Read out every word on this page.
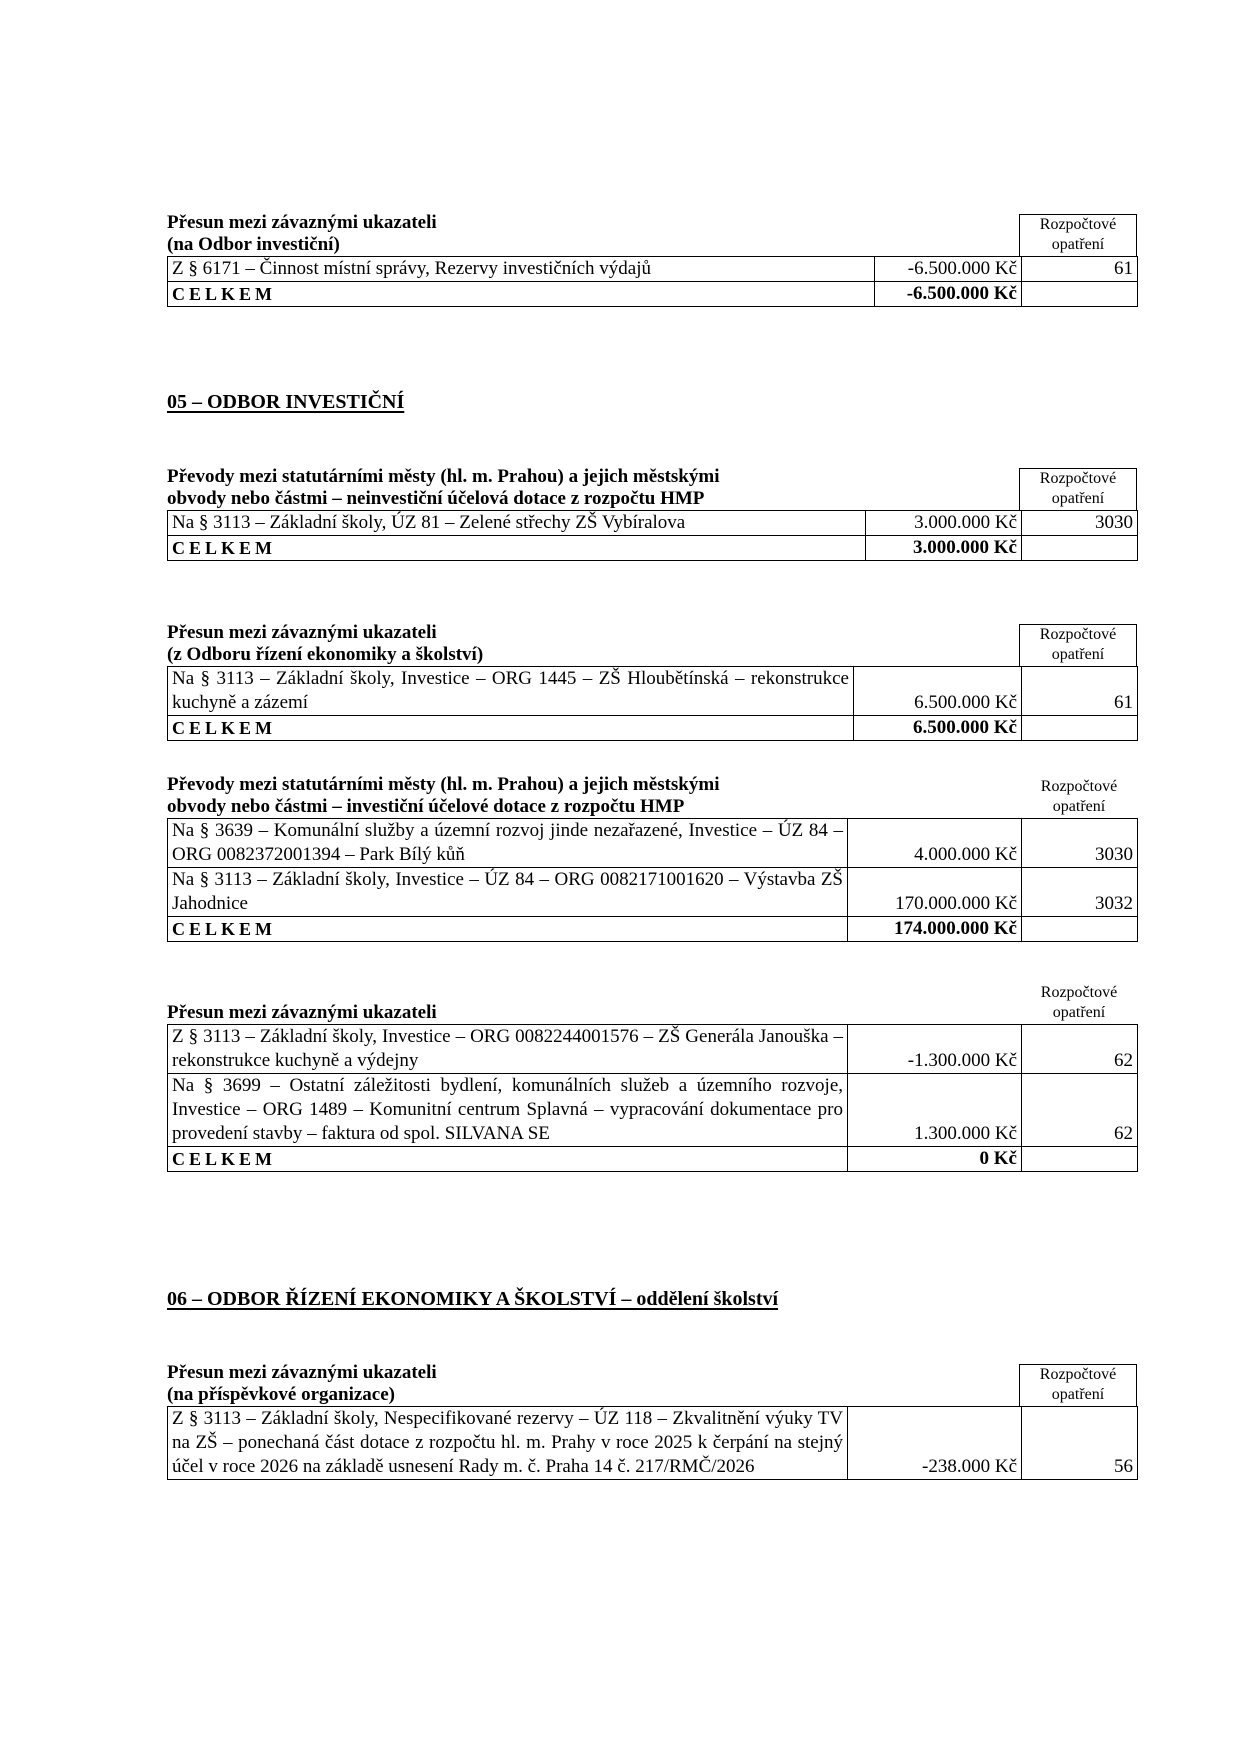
Přesun mezi závaznými ukazateli
(na Odbor investiční)
Rozpočtové opatření
Z § 6171 – Činnost místní správy, Rezervy investičních výdajů	-6.500.000 Kč	61
CELKEM	-6.500.000 Kč	
05 – ODBOR INVESTIČNÍ
Převody mezi statutárními městy (hl. m. Prahou) a jejich městskými
obvody nebo částmi – neinvestiční účelová dotace z rozpočtu HMP
Rozpočtové opatření
Na § 3113 – Základní školy, ÚZ 81 – Zelené střechy ZŠ Vybíralova	3.000.000 Kč	3030
CELKEM	3.000.000 Kč	
Přesun mezi závaznými ukazateli
(z Odboru řízení ekonomiky a školství)
Rozpočtové opatření
Na § 3113 – Základní školy, Investice – ORG 1445 – ZŠ Hloubětínská – rekonstrukce kuchyně a zázemí	6.500.000 Kč	61
CELKEM	6.500.000 Kč	
Převody mezi statutárními městy (hl. m. Prahou) a jejich městskými
obvody nebo částmi – investiční účelové dotace z rozpočtu HMP
Rozpočtové opatření
Na § 3639 – Komunální služby a územní rozvoj jinde nezařazené, Investice – ÚZ 84 – ORG 0082372001394 – Park Bílý kůň	4.000.000 Kč	3030
Na § 3113 – Základní školy, Investice – ÚZ 84 – ORG 0082171001620 – Výstavba ZŠ Jahodnice	170.000.000 Kč	3032
CELKEM	174.000.000 Kč	
Přesun mezi závaznými ukazateli
Rozpočtové opatření
Z § 3113 – Základní školy, Investice – ORG 0082244001576 – ZŠ Generála Janouška – rekonstrukce kuchyně a výdejny	-1.300.000 Kč	62
Na § 3699 – Ostatní záležitosti bydlení, komunálních služeb a územního rozvoje, Investice – ORG 1489 – Komunitní centrum Splavná – vypracování dokumentace pro provedení stavby – faktura od spol. SILVANA SE	1.300.000 Kč	62
CELKEM	0 Kč	
06 – ODBOR ŘÍZENÍ EKONOMIKY A ŠKOLSTVÍ – oddělení školství
Přesun mezi závaznými ukazateli
(na příspěvkové organizace)
Rozpočtové opatření
Z § 3113 – Základní školy, Nespecifikované rezervy – ÚZ 118 – Zkvalitnění výuky TV na ZŠ – ponechaná část dotace z rozpočtu hl. m. Prahy v roce 2025 k čerpání na stejný účel v roce 2026 na základě usnesení Rady m. č. Praha 14 č. 217/RMČ/2026	-238.000 Kč	56
